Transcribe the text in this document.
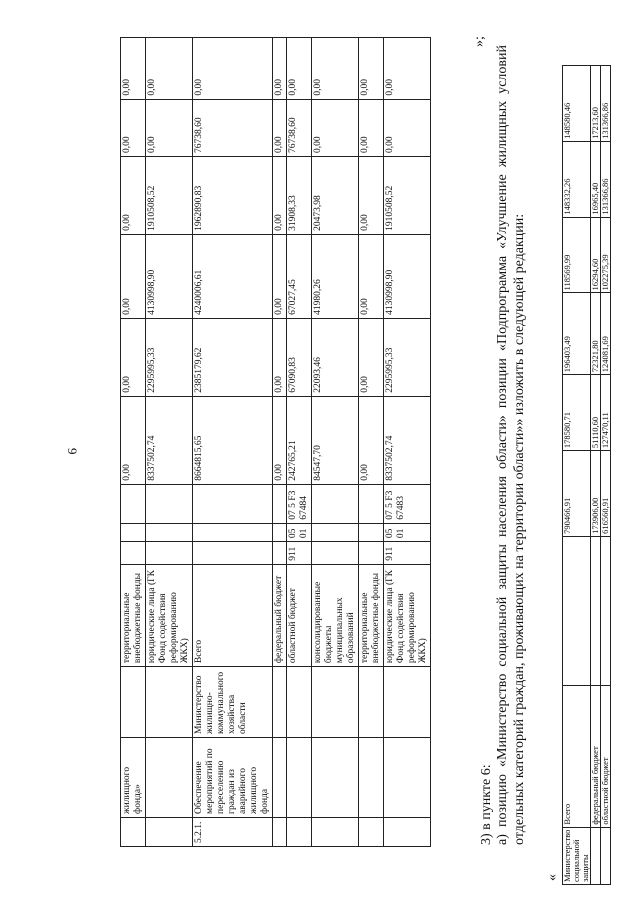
9
	жилищного фонда»		территориальные внебюджетные фонды				0,00	0,00	0,00	0,00	0,00	0,00
			юридические лица (ГК Фонд содействия реформированию ЖКХ)				8337502,74	2295995,33	4130998,90	1910508,52	0,00	0,00
5.2.1.	Обеспечение мероприятий по переселению граждан из аварийного жилищного фонда	Министерство жилищно-коммунального хозяйства области	Всего				8664815,65	2385179,62	4240006,61	1962890,83	76738,60	0,00
			федеральный бюджет				0,00	0,00	0,00	0,00	0,00	0,00
			областной бюджет	911	05 01	07 5 F3 67484	242765,21	67090,83	67027,45	31908,33	76738,60	0,00
			консолидированные бюджеты муниципальных образований				84547,70	22093,46	41980,26	20473,98	0,00	0,00
			территориальные внебюджетные фонды				0,00	0,00	0,00	0,00	0,00	0,00
			юридические лица (ГК Фонд содействия реформированию ЖКХ)	911	05 01	07 5 F3 67483	8337502,74	2295995,33	4130998,90	1910508,52	0,00	0,00
3) в пункте 6: а) позицию «Министерство социальной защиты населения области» позиции «Подпрограмма «Улучшение жилищных условий отдельных категорий граждан, проживающих на территории области»» изложить в следующей редакции:
«
»;
Министерство социальной защиты	Всего		790466,91	178580,71	196403,49	118569,99	148332,26	148580,46
	федеральный бюджет		173906,00	51110,60	72321,80	16294,60	16965,40	17213,60
	областной бюджет		616560,91	127470,11	124081,69	102275,39	131366,86	131366,86
